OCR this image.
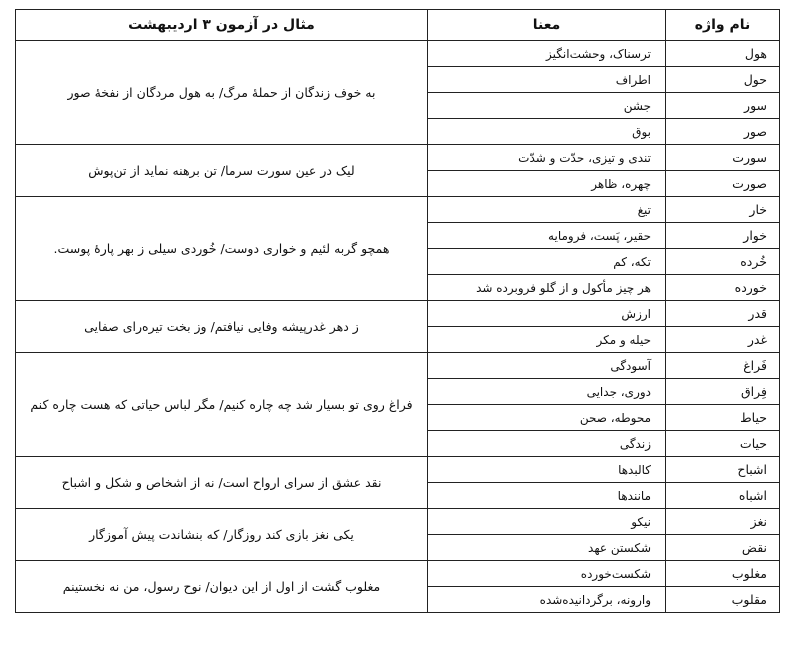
نام واژه	معنا	مثال در آزمون ۳ اردیبهشت
هول	ترسناک، وحشت‌انگیز	به خوف زندگان از حملۀ مرگ/ به هول مردگان از نفخۀ صور
حول	اطراف	
سور	جشن	
صور	بوق	
سورت	تندی و تیزی، حدّت و شدّت	لیک در عین سورت سرما/ تن برهنه نماید از تن‌پوش
صورت	چهره، ظاهر	
خار	تیغ	همچو گربه لئیم و خواری دوست/ خُوردی سیلی ز بهر پارۀ پوست.
خوار	حقیر، پَست، فرومایه	
خُرده	تکه، کم	
خورده	هر چیز مأکول و از گلو فروبرده شد	
قدر	ارزش	ز دهر غدرپیشه وفایی نیافتم/ وز بخت تیره‌رای صفایی
غدر	حیله و مکر	
فَراغ	آسودگی	فراغ روی تو بسیار شد چه چاره کنیم/ مگر لباس حیاتی که هست چاره کنم
فِراق	دوری، جدایی	
حیاط	محوطه، صحن	
حیات	زندگی	
اشباح	کالبدها	نقد عشق از سرای ارواح است/ نه از اشخاص و شکل و اشباح
اشباه	مانندها	
نغز	نیکو	یکی نغز بازی کند روزگار/ که بنشاندت پیش آموزگار
نقض	شکستن عهد	
مغلوب	شکست‌خورده	مغلوب گشت از اول از این دیوان/ نوح رسول، من نه نخستینم
مقلوب	وارونه، برگردانیده‌شده	
